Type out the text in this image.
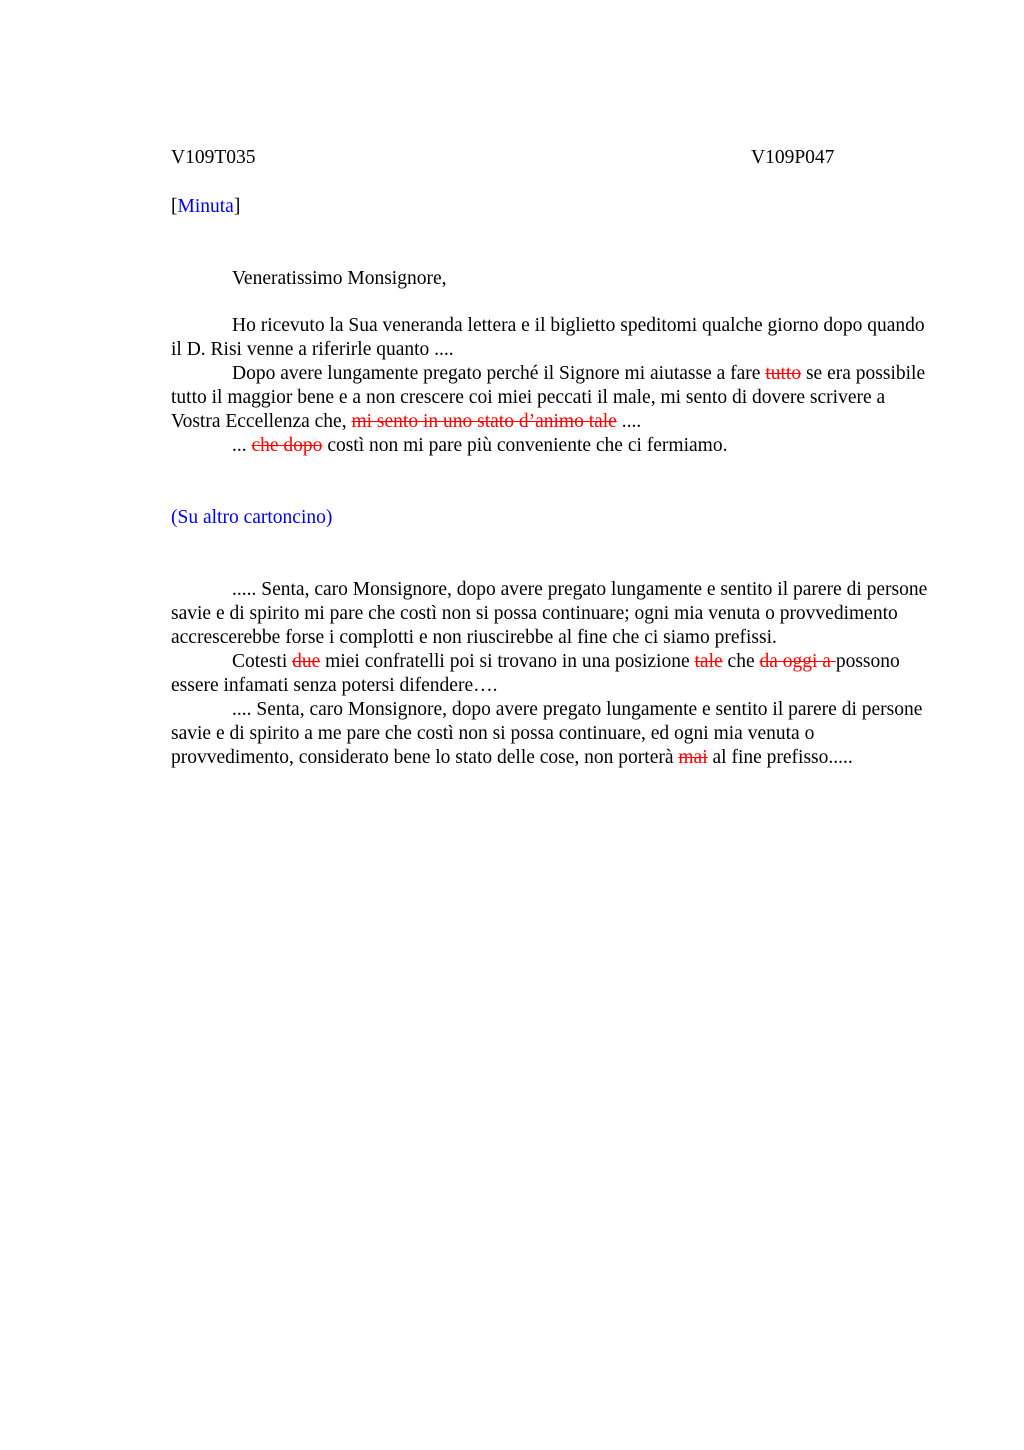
V109T035	V109P047
[Minuta]

Veneratissimo Monsignore,

Ho ricevuto la Sua veneranda lettera e il biglietto speditomi qualche giorno dopo quando il D. Risi venne a riferirle quanto ....

Dopo avere lungamente pregato perché il Signore mi aiutasse a fare tutto se era possibile tutto il maggior bene e a non crescere coi miei peccati il male, mi sento di dovere scrivere a Vostra Eccellenza che, mi sento in uno stato d’animo tale ....

... che dopo costì non mi pare più conveniente che ci fermiamo.

(Su altro cartoncino)

..... Senta, caro Monsignore, dopo avere pregato lungamente e sentito il parere di persone savie e di spirito mi pare che costì non si possa continuare; ogni mia venuta o provvedimento accrescerebbe forse i complotti e non riuscirebbe al fine che ci siamo prefissi.

Cotesti due miei confratelli poi si trovano in una posizione tale che da oggi a possono essere infamati senza potersi difendere….

.... Senta, caro Monsignore, dopo avere pregato lungamente e sentito il parere di persone savie e di spirito a me pare che costì non si possa continuare, ed ogni mia venuta o provvedimento, considerato bene lo stato delle cose, non porterà mai al fine prefisso.....
